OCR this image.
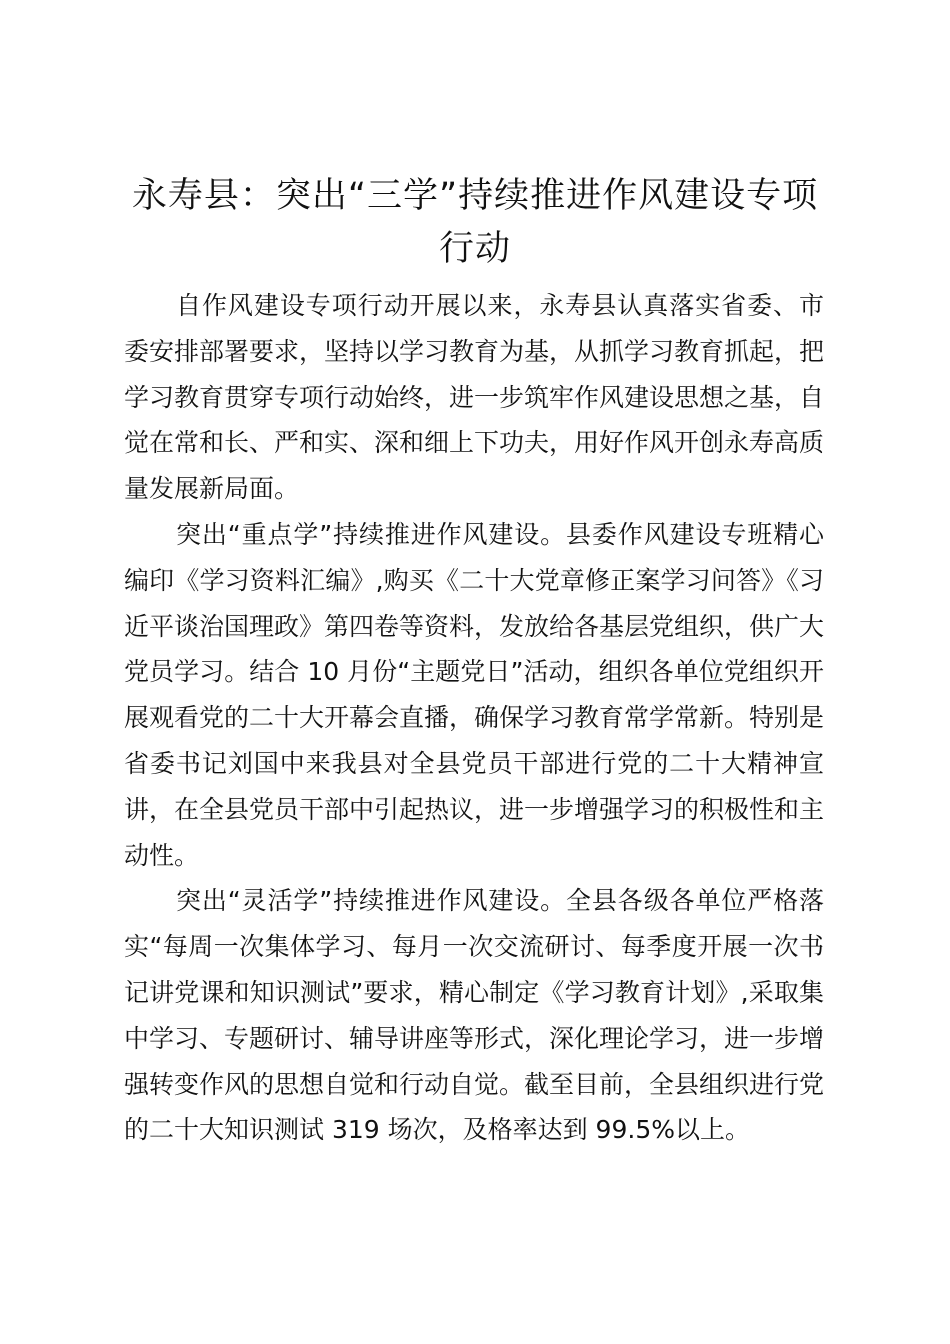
永寿县：突出“三学”持续推进作风建设专项行动

自作风建设专项行动开展以来，永寿县认真落实省委、市委安排部署要求，坚持以学习教育为基，从抓学习教育抓起，把学习教育贯穿专项行动始终，进一步筑牢作风建设思想之基，自觉在常和长、严和实、深和细上下功夫，用好作风开创永寿高质量发展新局面。

突出“重点学”持续推进作风建设。县委作风建设专班精心编印《学习资料汇编》,购买《二十大党章修正案学习问答》《习近平谈治国理政》第四卷等资料，发放给各基层党组织，供广大党员学习。结合 10 月份“主题党日”活动，组织各单位党组织开展观看党的二十大开幕会直播，确保学习教育常学常新。特别是省委书记刘国中来我县对全县党员干部进行党的二十大精神宣讲，在全县党员干部中引起热议，进一步增强学习的积极性和主动性。

突出“灵活学”持续推进作风建设。全县各级各单位严格落实“每周一次集体学习、每月一次交流研讨、每季度开展一次书记讲党课和知识测试”要求，精心制定《学习教育计划》,采取集中学习、专题研讨、辅导讲座等形式，深化理论学习，进一步增强转变作风的思想自觉和行动自觉。截至目前，全县组织进行党的二十大知识测试 319 场次，及格率达到 99.5%以上。
